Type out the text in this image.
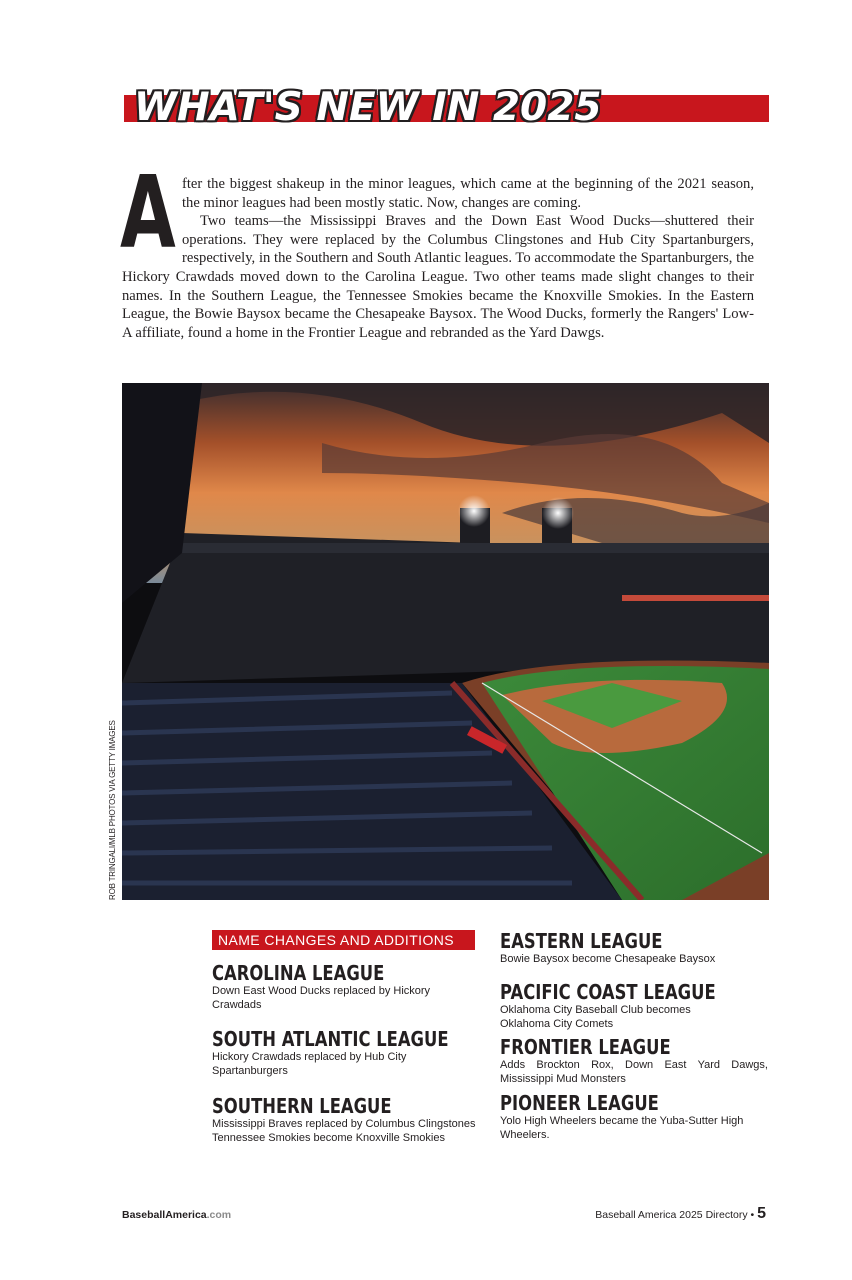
WHAT'S NEW IN 2025
A fter the biggest shakeup in the minor leagues, which came at the beginning of the 2021 season, the minor leagues had been mostly static. Now, changes are coming.

Two teams—the Mississippi Braves and the Down East Wood Ducks—shuttered their operations. They were replaced by the Columbus Clingstones and Hub City Spartanburgers, respectively, in the Southern and South Atlantic leagues. To accommodate the Spartanburgers, the Hickory Crawdads moved down to the Carolina League. Two other teams made slight changes to their names. In the Southern League, the Tennessee Smokies became the Knoxville Smokies. In the Eastern League, the Bowie Baysox became the Chesapeake Baysox. The Wood Ducks, formerly the Rangers' Low-A affiliate, found a home in the Frontier League and rebranded as the Yard Dawgs.

ROB TRINGALI/MLB PHOTOS VIA GETTY IMAGES
NAME CHANGES AND ADDITIONS

CAROLINA LEAGUE

Down East Wood Ducks replaced by Hickory Crawdads

SOUTH ATLANTIC LEAGUE

Hickory Crawdads replaced by Hub City Spartanburgers

SOUTHERN LEAGUE

Mississippi Braves replaced by Columbus Clingstones

Tennessee Smokies become Knoxville Smokies

EASTERN LEAGUE

Bowie Baysox become Chesapeake Baysox

PACIFIC COAST LEAGUE

Oklahoma City Baseball Club becomes

Oklahoma City Comets

FRONTIER LEAGUE

Adds Brockton Rox, Down East Yard Dawgs, Mississippi Mud Monsters

PIONEER LEAGUE

Yolo High Wheelers became the Yuba-Sutter High Wheelers.

BaseballAmerica.com	Baseball America 2025 Directory • 5
